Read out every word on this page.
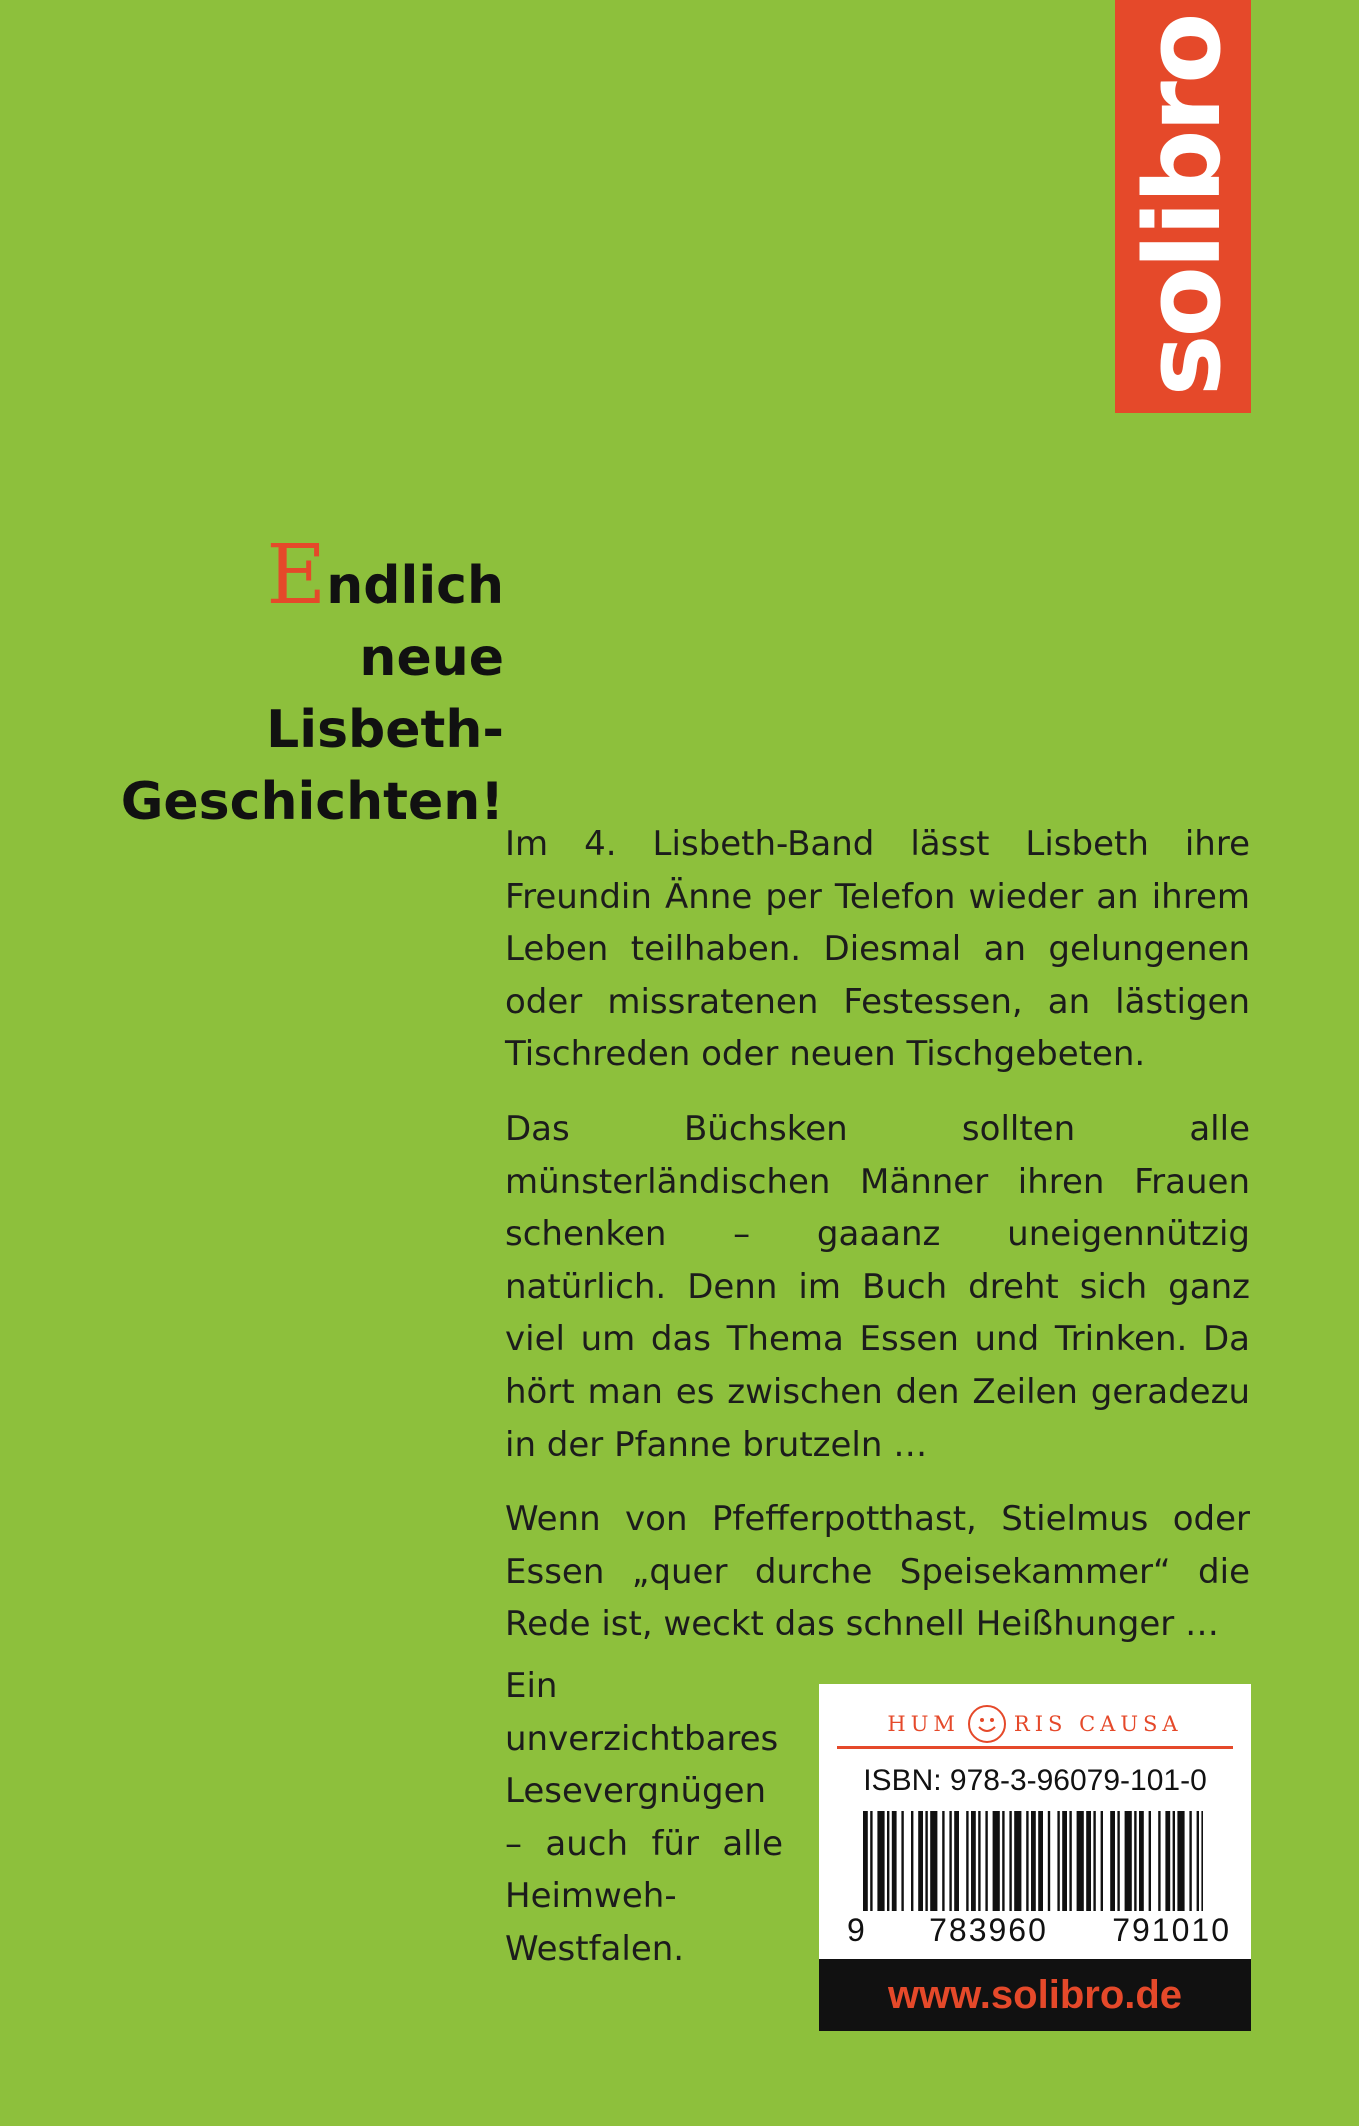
solibro
Endlich
neue
Lisbeth-
Geschichten!

Im 4. Lisbeth-Band lässt Lisbeth ihre Freundin Änne per Telefon wieder an ihrem Leben teilhaben. Diesmal an gelungenen oder missratenen Festessen, an lästigen Tischreden oder neuen Tischgebeten.

Das Büchsken sollten alle münsterländischen Männer ihren Frauen schenken – gaaanz uneigennützig natürlich. Denn im Buch dreht sich ganz viel um das Thema Essen und Trinken. Da hört man es zwischen den Zeilen geradezu in der Pfanne brutzeln …

Wenn von Pfefferpotthast, Stielmus oder Essen „quer durche Speisekammer“ die Rede ist, weckt das schnell Heißhunger …

Ein unverzichtbares Lesevergnügen – auch für alle Heimweh-Westfalen.
HUM	RIS CAUSA
ISBN: 978-3-96079-101-0
9 783960 791010
www.solibro.de
